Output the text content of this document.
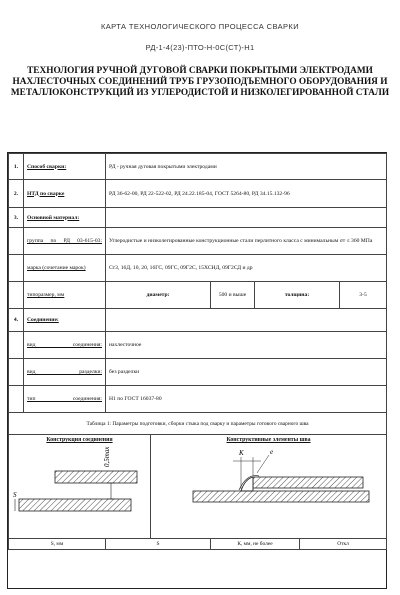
КАРТА ТЕХНОЛОГИЧЕСКОГО ПРОЦЕССА СВАРКИ
РД-1-4(23)-ПТО-Н-0С(СТ)-Н1
ТЕХНОЛОГИЯ РУЧНОЙ ДУГОВОЙ СВАРКИ ПОКРЫТЫМИ ЭЛЕКТРОДАМИ НАХЛЕСТОЧНЫХ СОЕДИНЕНИЙ ТРУБ ГРУЗОПОДЪЕМНОГО ОБОРУДОВАНИЯ И МЕТАЛЛОКОНСТРУКЦИЙ ИЗ УГЛЕРОДИСТОЙ И НИЗКОЛЕГИРОВАННОЙ СТАЛИ
1.	Способ сварки:	РД - ручная дуговая покрытыми электродами					
2.	НТД по сварке	РД 36-62-00, РД 22-522-02, РД 24.22.185-04, ГОСТ 5264-80, РД 34.15.132-96					
3.	Основной материал:						
	группа по РД 03-615-03:	Углеродистые и низколегированные конструкционные стали перлитного класса с минимальным σт ≤ 360 МПа					
	марка (сочетание марок)	Ст3, 16Д, 10, 20, 16ГС, 09ГС, 09Г2С, 15ХСНД, 09Г2СД и др					
	типоразмер, мм	диаметр:		500 и выше	толщина:		3-5
4.	Соединение:						
	вид соединения:	нахлесточное					
	вид разделки:	без разделки					
	тип соединения:	Н1 по ГОСТ 16037-80					
Таблица 1: Параметры подготовки, сборки стыка под сварку и параметры готового сварного шва							

Конструкция соединения
0,5max
S			Конструктивные элементы шва
К e				

S, мм		S		К, мм, не более		Откл	
